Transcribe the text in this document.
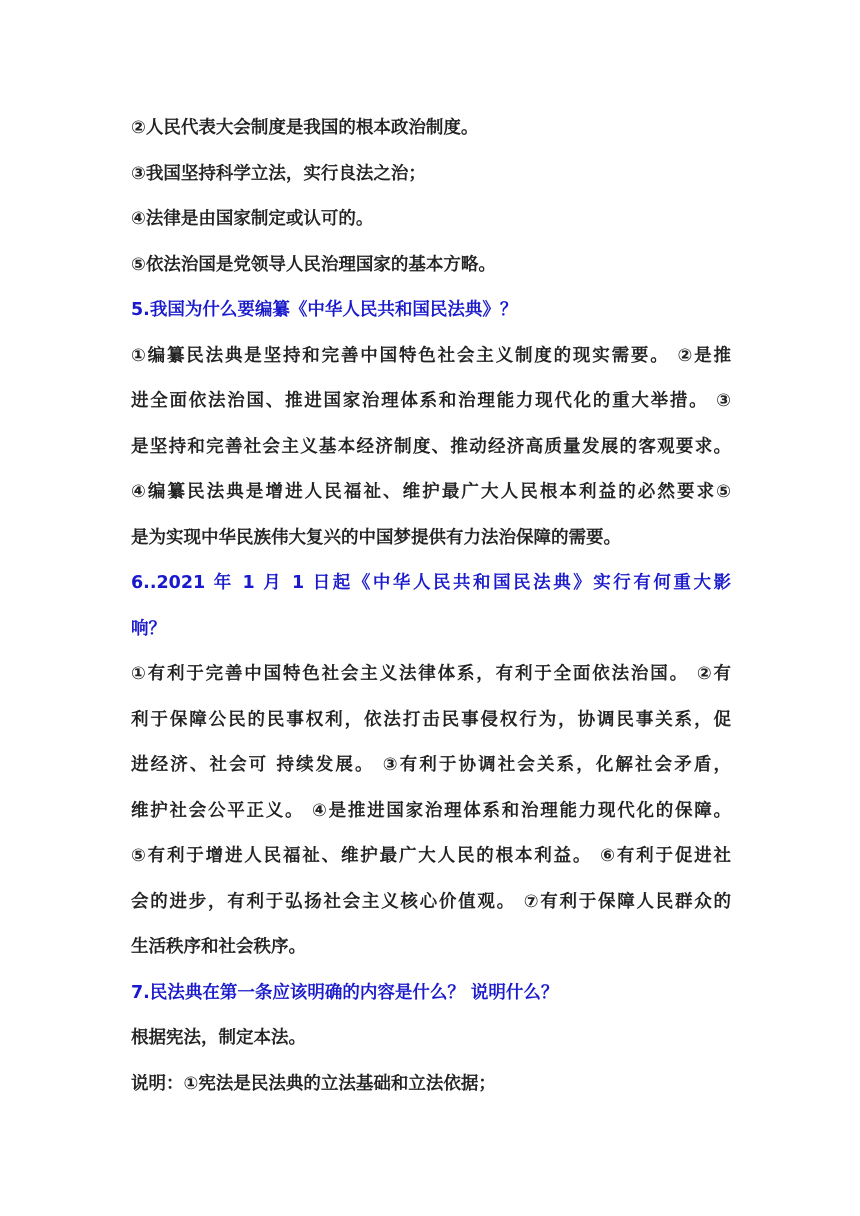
②人民代表大会制度是我国的根本政治制度。
③我国坚持科学立法，实行良法之治；
④法律是由国家制定或认可的。
⑤依法治国是党领导人民治理国家的基本方略。
5.我国为什么要编纂《中华人民共和国民法典》？
①编纂民法典是坚持和完善中国特色社会主义制度的现实需要。 ②是推
进全面依法治国、推进国家治理体系和治理能力现代化的重大举措。 ③
是坚持和完善社会主义基本经济制度、推动经济高质量发展的客观要求。
④编纂民法典是增进人民福祉、维护最广大人民根本利益的必然要求⑤
是为实现中华民族伟大复兴的中国梦提供有力法治保障的需要。
6..2021 年 1 月 1 日起《中华人民共和国民法典》实行有何重大影
响？
①有利于完善中国特色社会主义法律体系，有利于全面依法治国。 ②有
利于保障公民的民事权利，依法打击民事侵权行为，协调民事关系，促
进经济、社会可 持续发展。 ③有利于协调社会关系，化解社会矛盾，
维护社会公平正义。 ④是推进国家治理体系和治理能力现代化的保障。
⑤有利于增进人民福祉、维护最广大人民的根本利益。 ⑥有利于促进社
会的进步，有利于弘扬社会主义核心价值观。 ⑦有利于保障人民群众的
生活秩序和社会秩序。
7.民法典在第一条应该明确的内容是什么？ 说明什么？
根据宪法，制定本法。
说明：①宪法是民法典的立法基础和立法依据；
